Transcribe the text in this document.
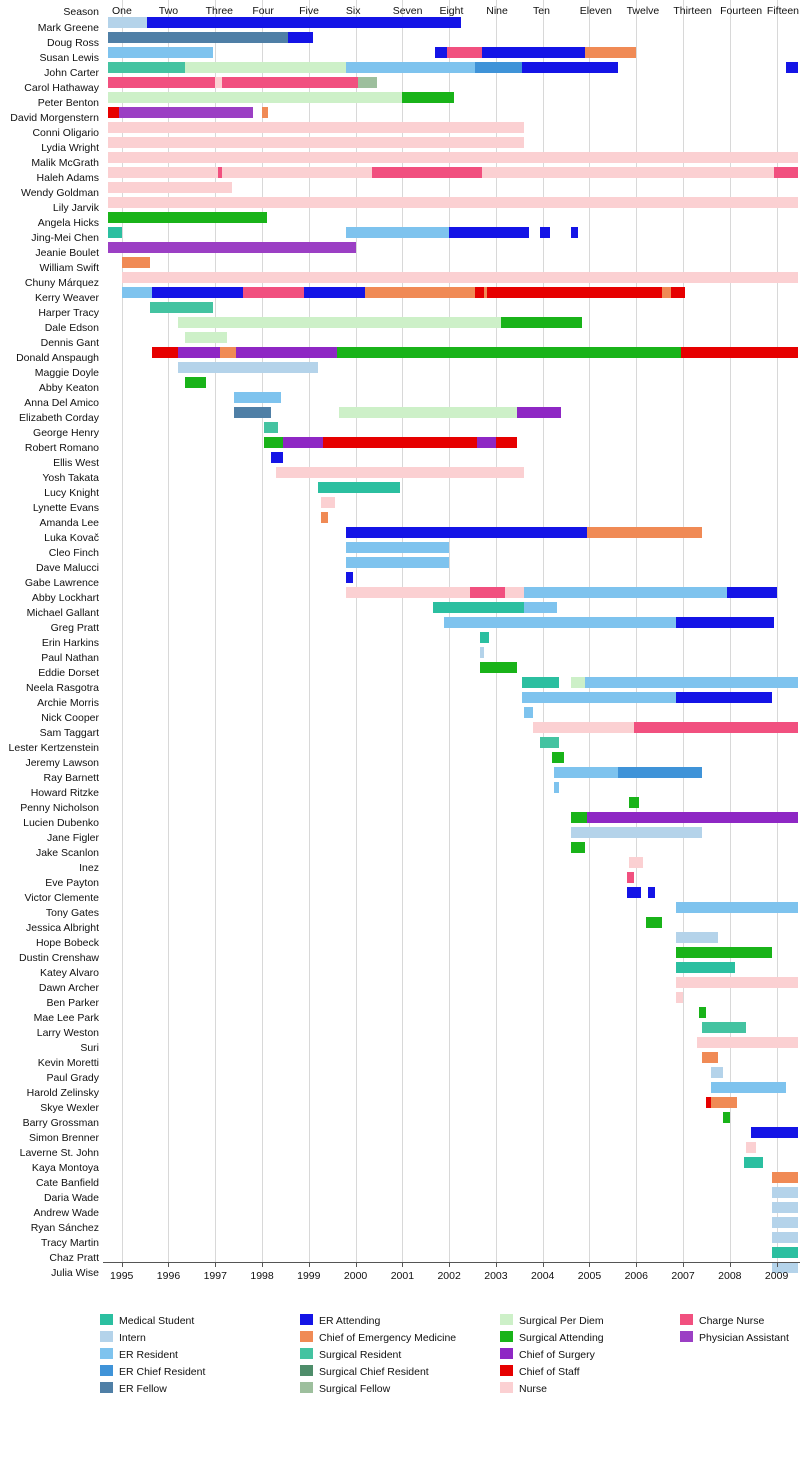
Season
Mark Greene
Doug Ross
Susan Lewis
John Carter
Carol Hathaway
Peter Benton
David Morgenstern
Conni Oligario
Lydia Wright
Malik McGrath
Haleh Adams
Wendy Goldman
Lily Jarvik
Angela Hicks
Jing-Mei Chen
Jeanie Boulet
William Swift
Chuny Márquez
Kerry Weaver
Harper Tracy
Dale Edson
Dennis Gant
Donald Anspaugh
Maggie Doyle
Abby Keaton
Anna Del Amico
Elizabeth Corday
George Henry
Robert Romano
Ellis West
Yosh Takata
Lucy Knight
Lynette Evans
Amanda Lee
Luka Kovač
Cleo Finch
Dave Malucci
Gabe Lawrence
Abby Lockhart
Michael Gallant
Greg Pratt
Erin Harkins
Paul Nathan
Eddie Dorset
Neela Rasgotra
Archie Morris
Nick Cooper
Sam Taggart
Lester Kertzenstein
Jeremy Lawson
Ray Barnett
Howard Ritzke
Penny Nicholson
Lucien Dubenko
Jane Figler
Jake Scanlon
Inez
Eve Payton
Victor Clemente
Tony Gates
Jessica Albright
Hope Bobeck
Dustin Crenshaw
Katey Alvaro
Dawn Archer
Ben Parker
Mae Lee Park
Larry Weston
Suri
Kevin Moretti
Paul Grady
Harold Zelinsky
Skye Wexler
Barry Grossman
Simon Brenner
Laverne St. John
Kaya Montoya
Cate Banfield
Daria Wade
Andrew Wade
Ryan Sánchez
Tracy Martin
Chaz Pratt
Julia Wise
One	Two	Three Four Five	Six	Seven Eight Nine Ten	Eleven Twelve Thirteen Fourteen Fifteen
1995	1996	1997	1998	1999	2000	2001	2002	2003	2004	2005	2006	2007	2008	2009
Medical Student
Intern
ER Resident
ER Chief Resident
ER Fellow
ER Attending
Chief of Emergency Medicine
Surgical Resident
Surgical Chief Resident
Surgical Fellow
Surgical Per Diem
Surgical Attending
Chief of Surgery
Chief of Staff
Nurse
Charge Nurse
Physician Assistant
